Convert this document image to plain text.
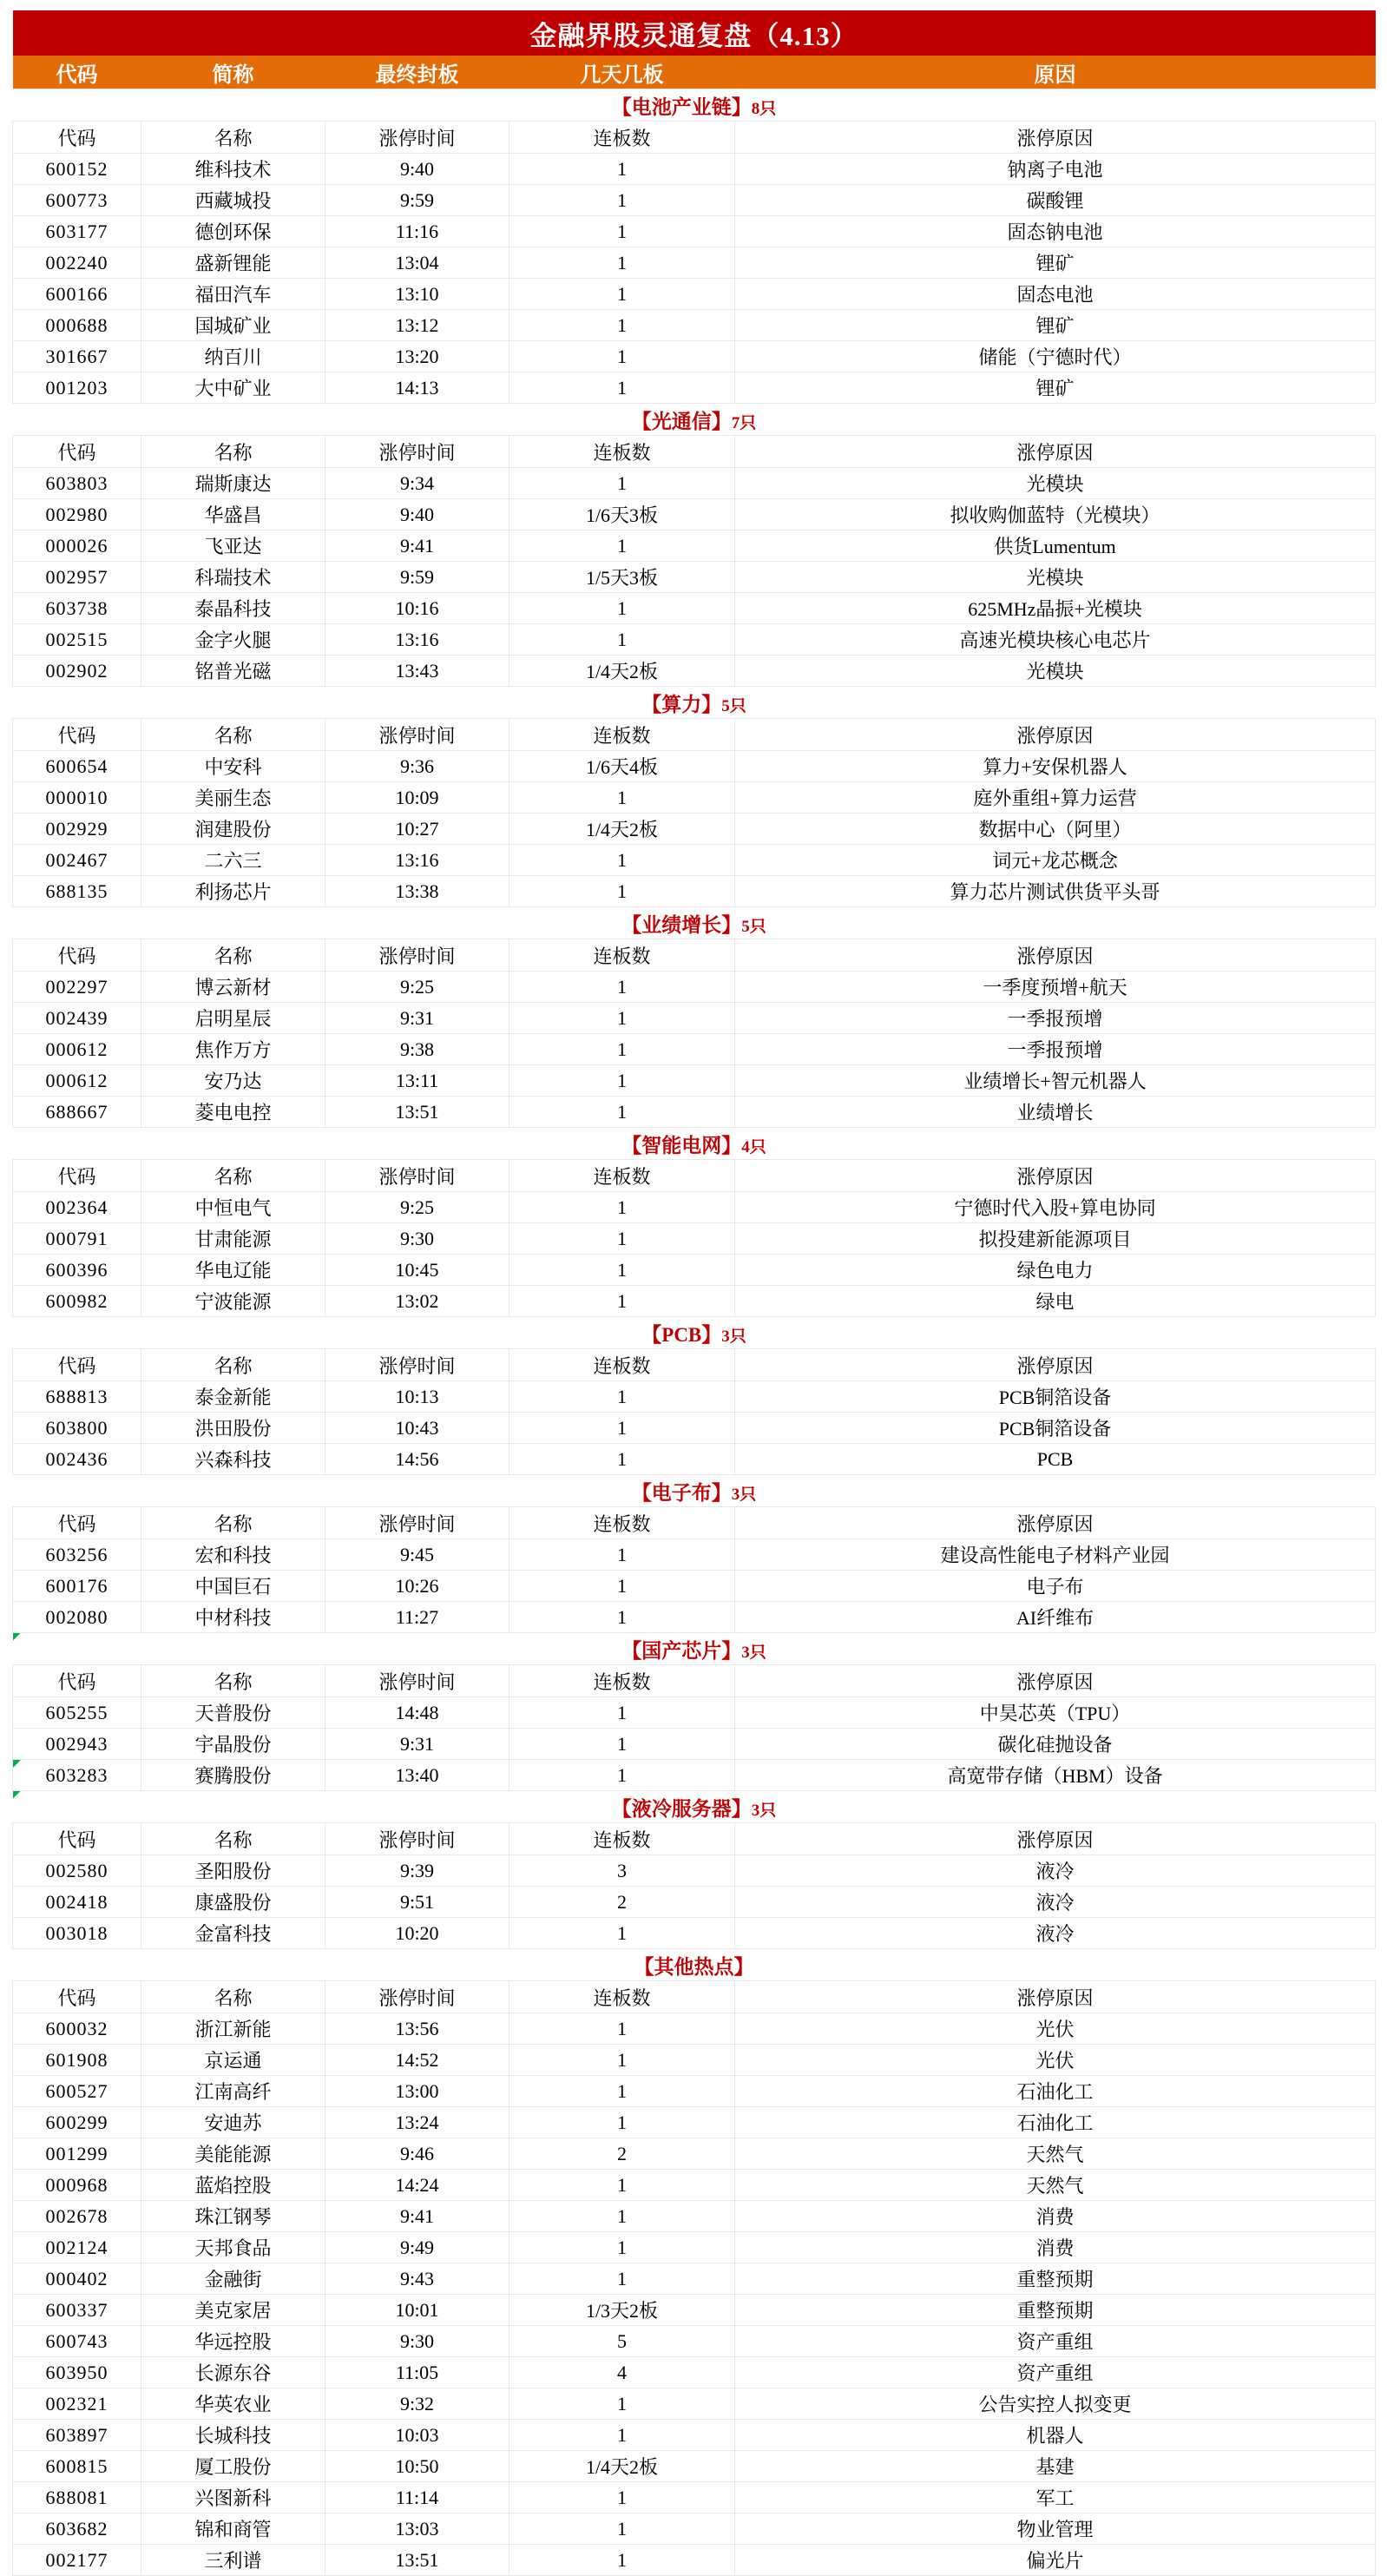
金融界股灵通复盘（4.13）				
代码	简称	最终封板	几天几板	原因
【电池产业链】8只				
代码	名称	涨停时间	连板数	涨停原因
600152	维科技术	9:40	1	钠离子电池
600773	西藏城投	9:59	1	碳酸锂
603177	德创环保	11:16	1	固态钠电池
002240	盛新锂能	13:04	1	锂矿
600166	福田汽车	13:10	1	固态电池
000688	国城矿业	13:12	1	锂矿
301667	纳百川	13:20	1	储能（宁德时代）
001203	大中矿业	14:13	1	锂矿
【光通信】7只				
代码	名称	涨停时间	连板数	涨停原因
603803	瑞斯康达	9:34	1	光模块
002980	华盛昌	9:40	1/6天3板	拟收购伽蓝特（光模块）
000026	飞亚达	9:41	1	供货Lumentum
002957	科瑞技术	9:59	1/5天3板	光模块
603738	泰晶科技	10:16	1	625MHz晶振+光模块
002515	金字火腿	13:16	1	高速光模块核心电芯片
002902	铭普光磁	13:43	1/4天2板	光模块
【算力】5只				
代码	名称	涨停时间	连板数	涨停原因
600654	中安科	9:36	1/6天4板	算力+安保机器人
000010	美丽生态	10:09	1	庭外重组+算力运营
002929	润建股份	10:27	1/4天2板	数据中心（阿里）
002467	二六三	13:16	1	词元+龙芯概念
688135	利扬芯片	13:38	1	算力芯片测试供货平头哥
【业绩增长】5只				
代码	名称	涨停时间	连板数	涨停原因
002297	博云新材	9:25	1	一季度预增+航天
002439	启明星辰	9:31	1	一季报预增
000612	焦作万方	9:38	1	一季报预增
000612	安乃达	13:11	1	业绩增长+智元机器人
688667	菱电电控	13:51	1	业绩增长
【智能电网】4只				
代码	名称	涨停时间	连板数	涨停原因
002364	中恒电气	9:25	1	宁德时代入股+算电协同
000791	甘肃能源	9:30	1	拟投建新能源项目
600396	华电辽能	10:45	1	绿色电力
600982	宁波能源	13:02	1	绿电
【PCB】3只				
代码	名称	涨停时间	连板数	涨停原因
688813	泰金新能	10:13	1	PCB铜箔设备
603800	洪田股份	10:43	1	PCB铜箔设备
002436	兴森科技	14:56	1	PCB
【电子布】3只				
代码	名称	涨停时间	连板数	涨停原因
603256	宏和科技	9:45	1	建设高性能电子材料产业园
600176	中国巨石	10:26	1	电子布
002080	中材科技	11:27	1	AI纤维布
【国产芯片】3只				
代码	名称	涨停时间	连板数	涨停原因
605255	天普股份	14:48	1	中昊芯英（TPU）
002943	宇晶股份	9:31	1	碳化硅抛设备
603283	赛腾股份	13:40	1	高宽带存储（HBM）设备
【液冷服务器】3只				
代码	名称	涨停时间	连板数	涨停原因
002580	圣阳股份	9:39	3	液冷
002418	康盛股份	9:51	2	液冷
003018	金富科技	10:20	1	液冷
【其他热点】				
代码	名称	涨停时间	连板数	涨停原因
600032	浙江新能	13:56	1	光伏
601908	京运通	14:52	1	光伏
600527	江南高纤	13:00	1	石油化工
600299	安迪苏	13:24	1	石油化工
001299	美能能源	9:46	2	天然气
000968	蓝焰控股	14:24	1	天然气
002678	珠江钢琴	9:41	1	消费
002124	天邦食品	9:49	1	消费
000402	金融街	9:43	1	重整预期
600337	美克家居	10:01	1/3天2板	重整预期
600743	华远控股	9:30	5	资产重组
603950	长源东谷	11:05	4	资产重组
002321	华英农业	9:32	1	公告实控人拟变更
603897	长城科技	10:03	1	机器人
600815	厦工股份	10:50	1/4天2板	基建
688081	兴图新科	11:14	1	军工
603682	锦和商管	13:03	1	物业管理
002177	三利谱	13:51	1	偏光片
